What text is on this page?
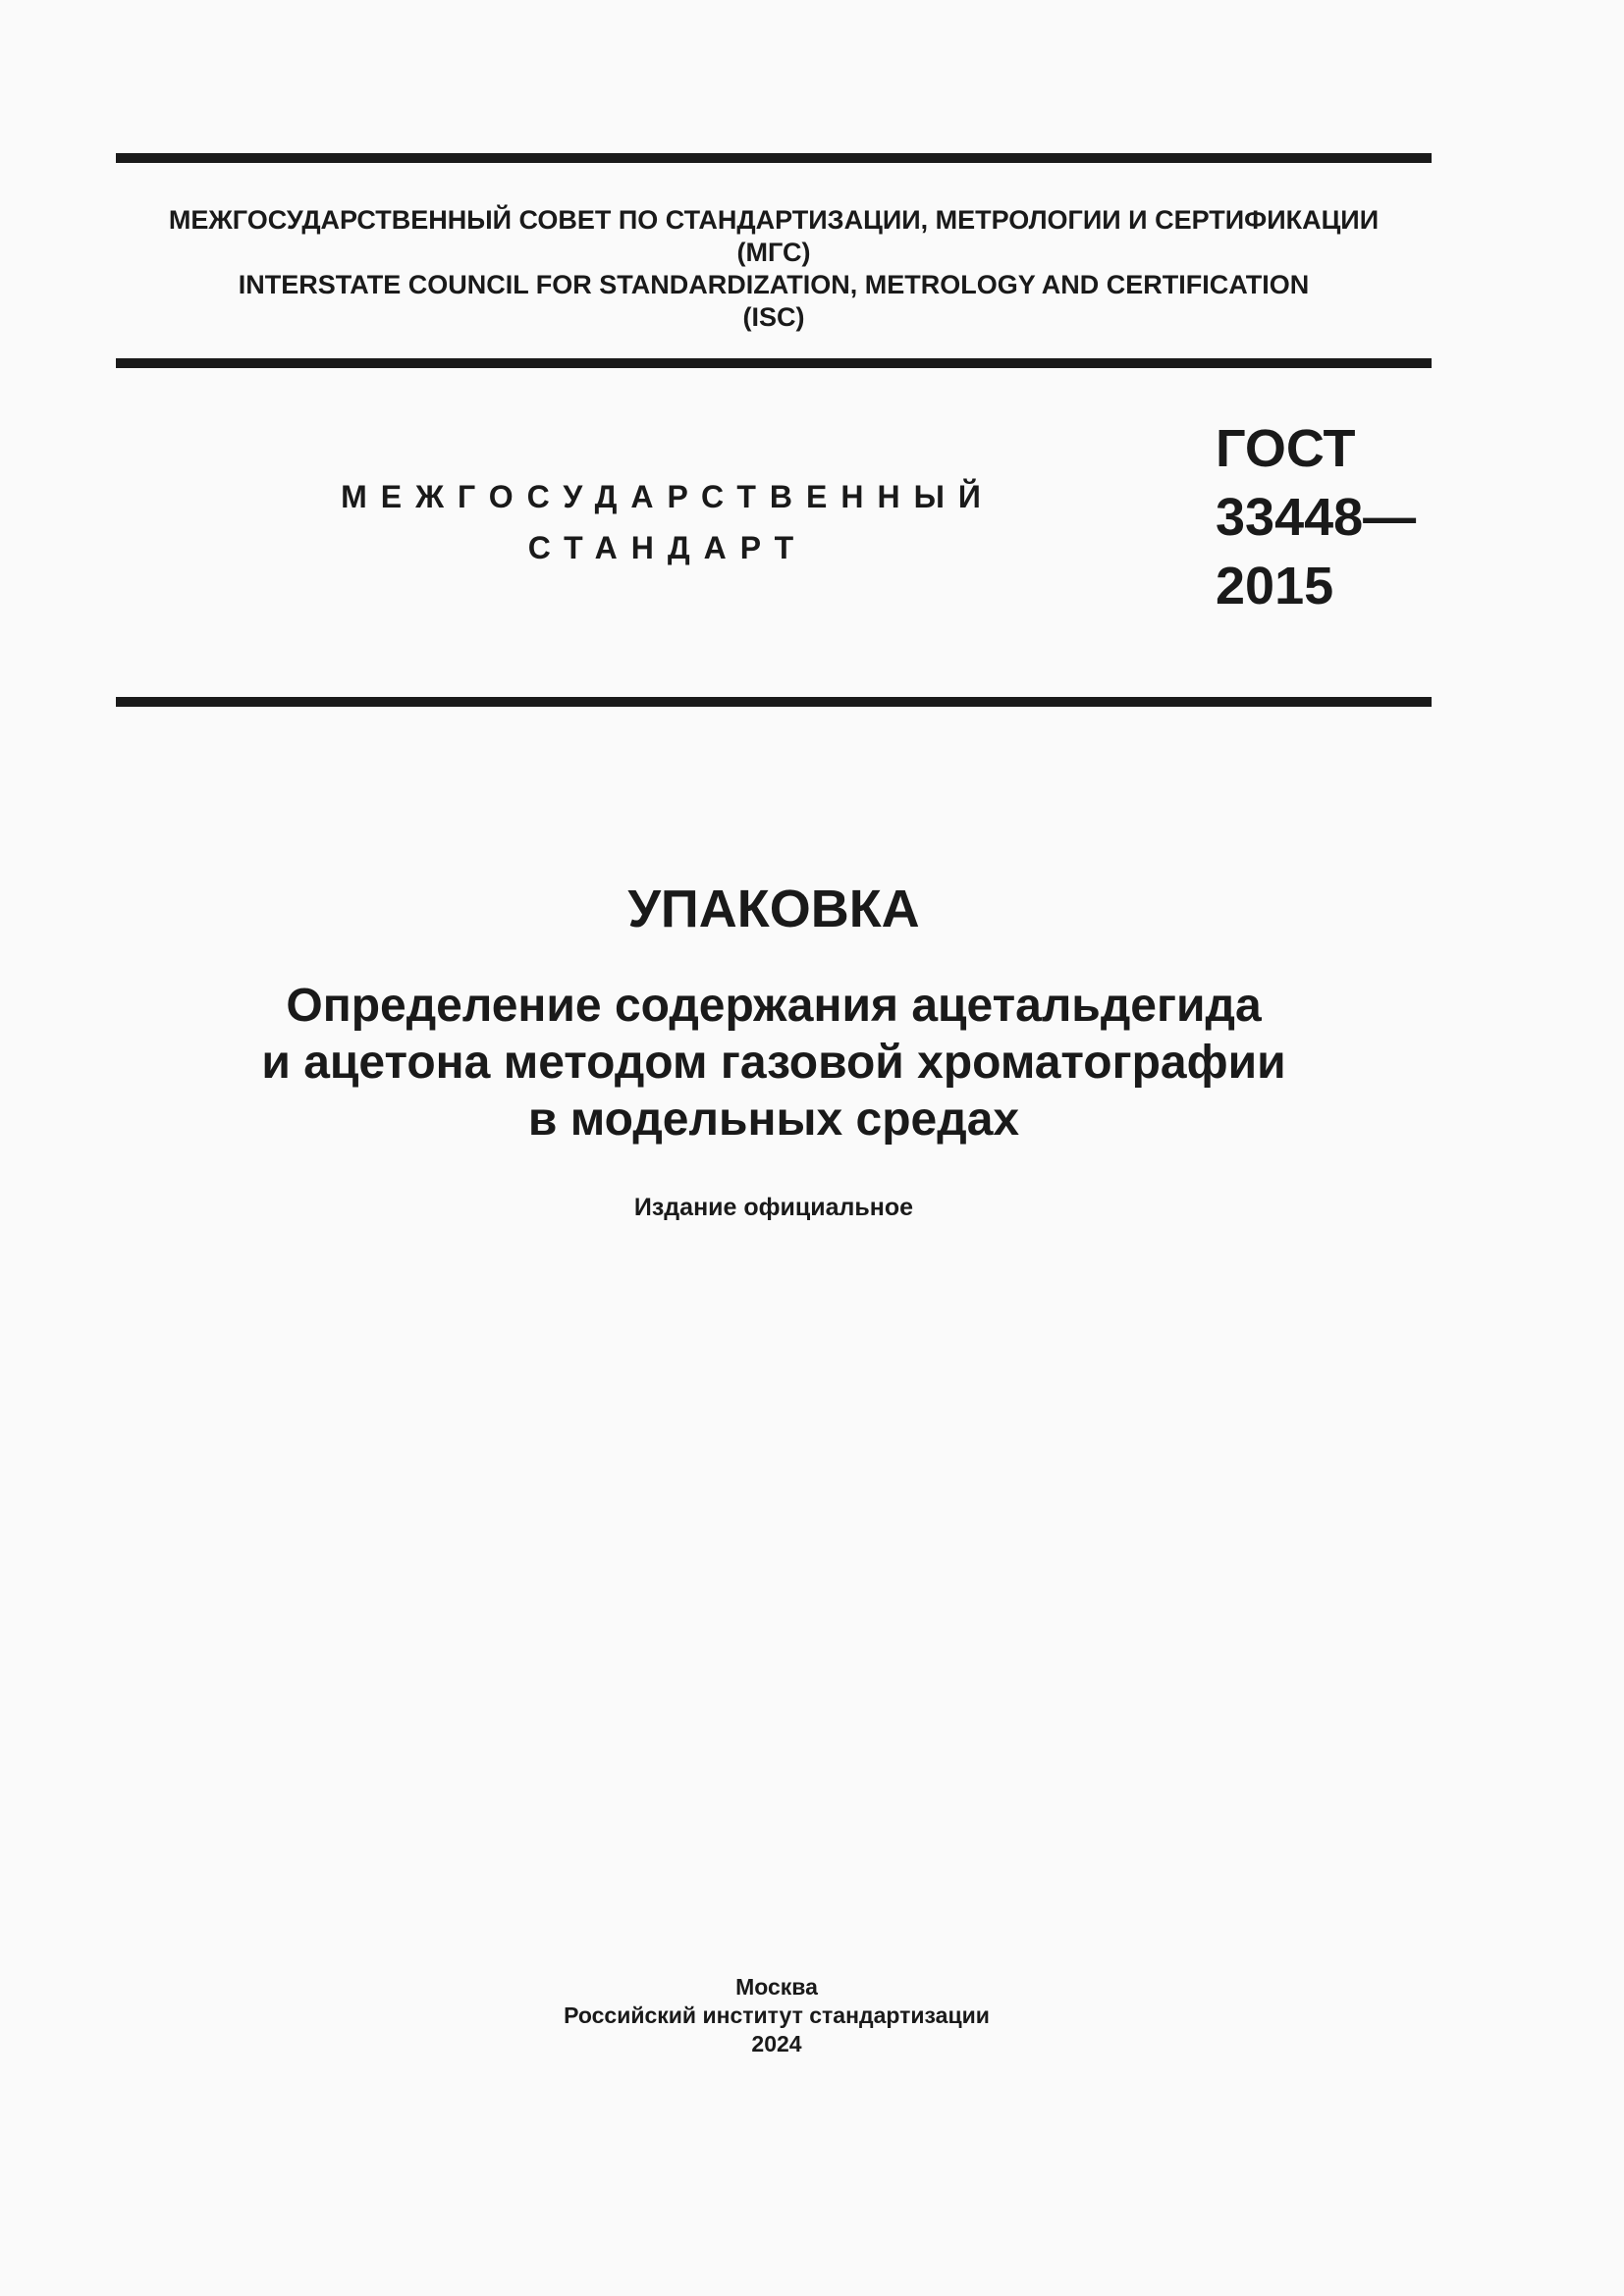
МЕЖГОСУДАРСТВЕННЫЙ СОВЕТ ПО СТАНДАРТИЗАЦИИ, МЕТРОЛОГИИ И СЕРТИФИКАЦИИ
(МГС)
INTERSTATE COUNCIL FOR STANDARDIZATION, METROLOGY AND CERTIFICATION
(ISC)
МЕЖГОСУДАРСТВЕННЫЙ
СТАНДАРТ
ГОСТ
33448—
2015
УПАКОВКА
Определение содержания ацетальдегида
и ацетона методом газовой хроматографии
в модельных средах
Издание официальное
Москва
Российский институт стандартизации
2024
